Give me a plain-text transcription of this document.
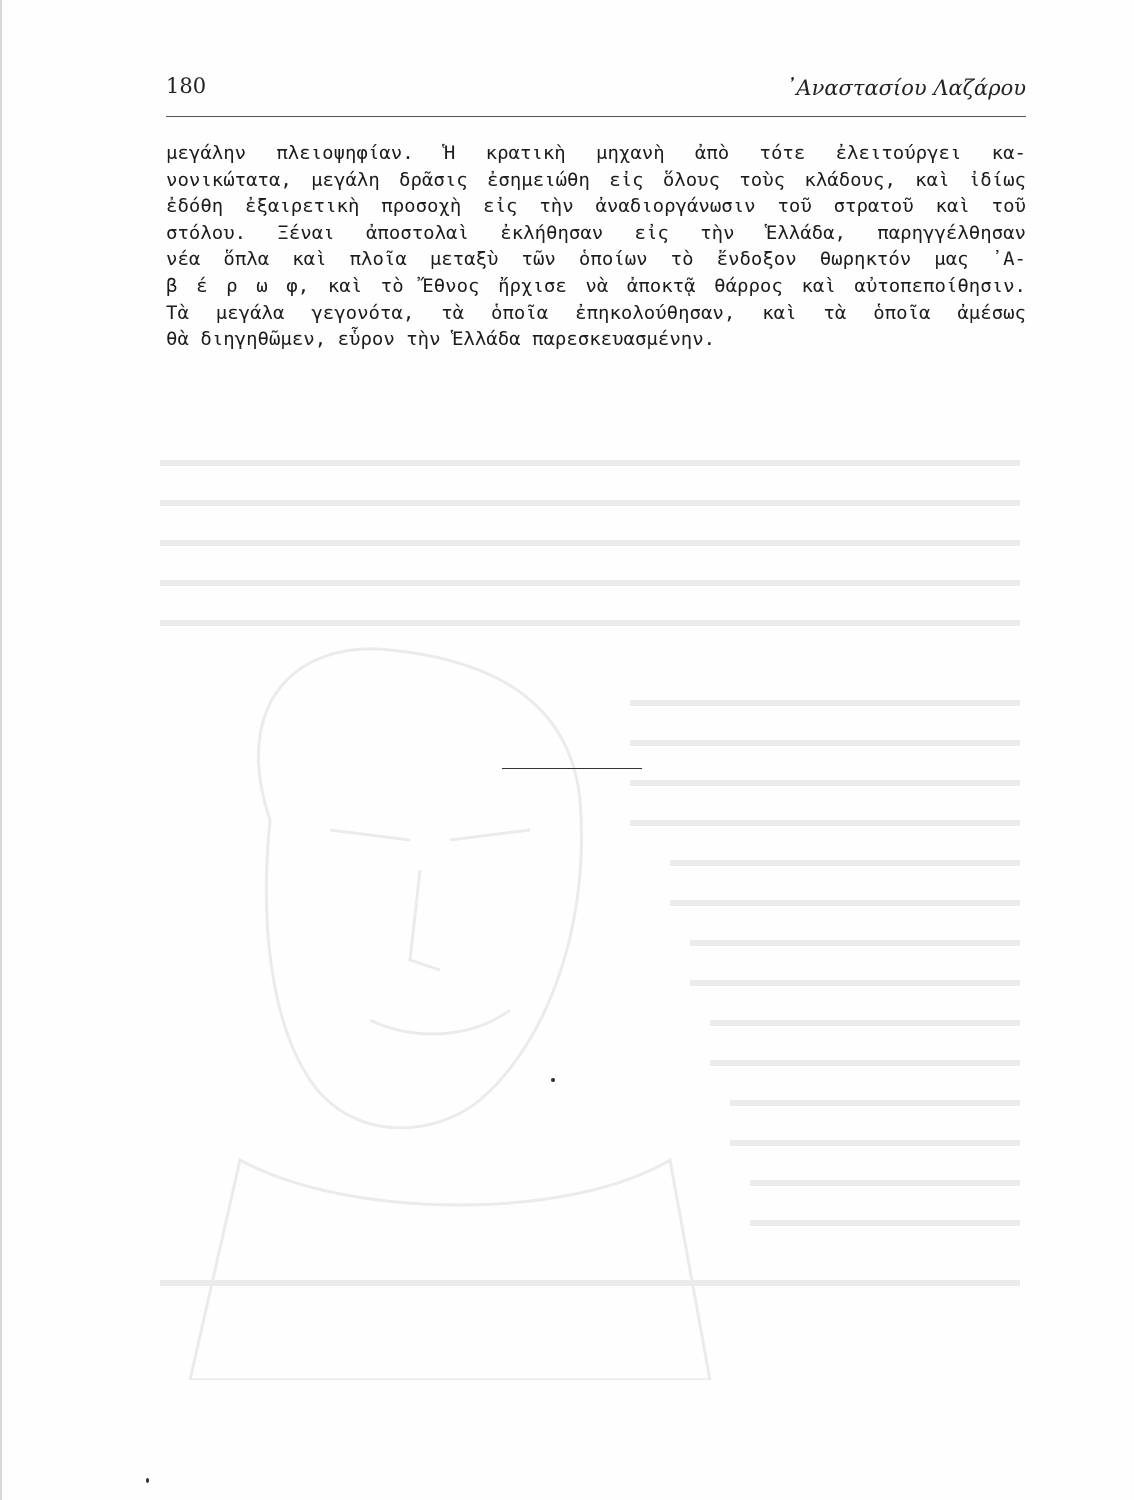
180	᾿Αναστασίου Λαζάρου
μεγάλην πλειοψηφίαν. Ἡ κρατικὴ μηχανὴ ἀπὸ τότε ἐλειτούργει κα-
νονικώτατα, μεγάλη δρᾶσις ἐσημειώθη εἰς ὅλους τοὺς κλάδους, καὶ ἰδίως
ἐδόθη ἐξαιρετικὴ προσοχὴ εἰς τὴν ἀναδιοργάνωσιν τοῦ στρατοῦ καὶ τοῦ
στόλου. Ξέναι ἀποστολαὶ ἐκλήθησαν εἰς τὴν Ἑλλάδα, παρηγγέλθησαν
νέα ὅπλα καὶ πλοῖα μεταξὺ τῶν ὁποίων τὸ ἔνδοξον θωρηκτόν μας ᾿Α-
β έ ρ ω φ, καὶ τὸ Ἔθνος ἤρχισε νὰ ἀποκτᾷ θάρρος καὶ αὐτοπεποίθησιν.
Τὰ μεγάλα γεγονότα, τὰ ὁποῖα ἐπηκολούθησαν, καὶ τὰ ὁποῖα ἀμέσως
θὰ διηγηθῶμεν, εὗρον τὴν Ἑλλάδα παρεσκευασμένην.
